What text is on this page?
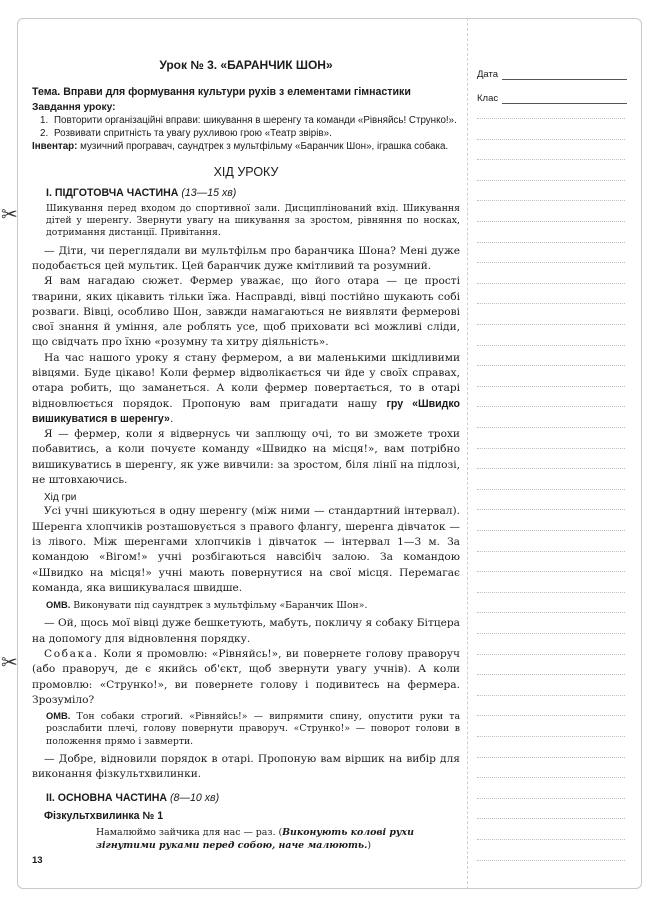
✂
✂
Урок № 3. «БАРАНЧИК ШОН»

Тема. Вправи для формування культури рухів з елементами гімнастики

Завдання уроку:

1. Повторити організаційні вправи: шикування в шеренгу та команди «Рівняйсь! Струнко!».
2. Розвивати спритність та увагу рухливою грою «Театр звірів».

Інвентар: музичний програвач, саундтрек з мультфільму «Баранчик Шон», іграшка собака.

ХІД УРОКУ
І. ПІДГОТОВЧА ЧАСТИНА (13—15 хв)

Шикування перед входом до спортивної зали. Дисциплінований вхід. Шикування дітей у шеренгу. Звернути увагу на шикування за зростом, рівняння по носках, дотримання дистанції. Привітання.

— Діти, чи переглядали ви мультфільм про баранчика Шона? Мені дуже подобається цей мультик. Цей баранчик дуже кмітливий та розумний.

Я вам нагадаю сюжет. Фермер уважає, що його отара — це прості тварини, яких цікавить тільки їжа. Насправді, вівці постійно шукають собі розваги. Вівці, особливо Шон, завжди намагаються не виявляти фермерові свої знання й уміння, але роблять усе, щоб приховати всі можливі сліди, що свідчать про їхню «розумну та хитру діяльність».

На час нашого уроку я стану фермером, а ви маленькими шкідливими вівцями. Буде цікаво! Коли фермер відволікається чи йде у своїх справах, отара робить, що заманеться. А коли фермер повертається, то в отарі відновлюється порядок. Пропоную вам пригадати нашу гру «Швидко вишикуватися в шеренгу».

Я — фермер, коли я відвернусь чи заплющу очі, то ви зможете трохи побавитись, а коли почуєте команду «Швидко на місця!», вам потрібно вишикуватись в шеренгу, як уже вивчили: за зростом, біля лінії на підлозі, не штовхаючись.

Хід гри

Усі учні шикуються в одну шеренгу (між ними — стандартний інтервал). Шеренга хлопчиків розташовується з правого флангу, шеренга дівчаток — із лівого. Між шеренгами хлопчиків і дівчаток — інтервал 1—3 м. За командою «Вігом!» учні розбігаються навсібіч залою. За командою «Швидко на місця!» учні мають повернутися на свої місця. Перемагає команда, яка вишикувалася швидше.

ОМВ. Виконувати під саундтрек з мультфільму «Баранчик Шон».

— Ой, щось мої вівці дуже бешкетують, мабуть, покличу я собаку Бітцера на допомогу для відновлення порядку.

Собака. Коли я промовлю: «Рівняйсь!», ви повернете голову праворуч (або праворуч, де є якийсь об'єкт, щоб звернути увагу учнів). А коли промовлю: «Струнко!», ви повернете голову і подивитесь на фермера. Зрозуміло?

ОМВ. Тон собаки строгий. «Рівняйсь!» — випрямити спину, опустити руки та розслабити плечі, голову повернути праворуч. «Струнко!» — поворот голови в положення прямо і завмерти.

— Добре, відновили порядок в отарі. Пропоную вам віршик на вибір для виконання фізкультхвилинки.

ІІ. ОСНОВНА ЧАСТИНА (8—10 хв)
Фізкультхвилинка № 1

Намалюймо зайчика для нас — раз. (Виконують колові рухи зігнутими руками перед собою, наче малюють.)

Дата
Клас
13
